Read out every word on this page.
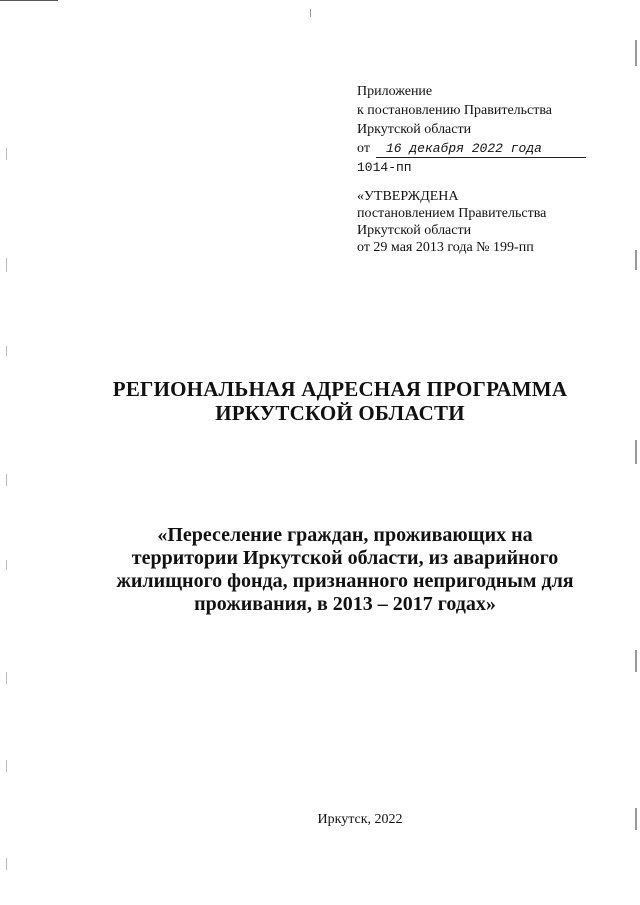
Приложение
к постановлению Правительства
Иркутской области
от 16 декабря 2022 года
1014-пп
«УТВЕРЖДЕНА
постановлением Правительства
Иркутской области
от 29 мая 2013 года № 199-пп
РЕГИОНАЛЬНАЯ АДРЕСНАЯ ПРОГРАММА
ИРКУТСКОЙ ОБЛАСТИ
«Переселение граждан, проживающих на
территории Иркутской области, из аварийного
жилищного фонда, признанного непригодным для
проживания, в 2013 – 2017 годах»
Иркутск, 2022
